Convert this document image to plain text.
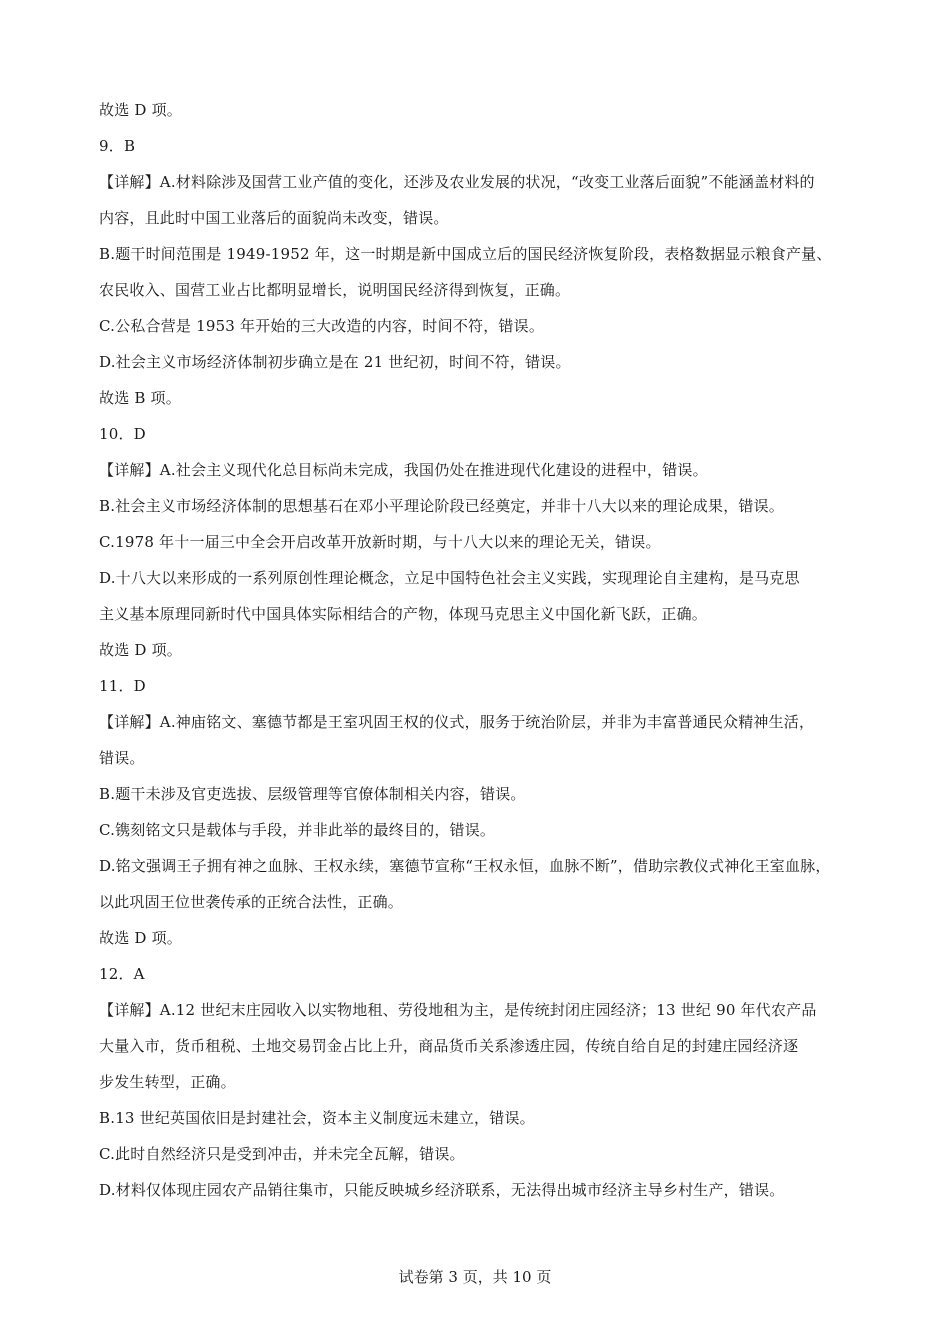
故选 D 项。
9．B
【详解】A.材料除涉及国营工业产值的变化，还涉及农业发展的状况，“改变工业落后面貌”不能涵盖材料的
内容，且此时中国工业落后的面貌尚未改变，错误。
B.题干时间范围是 1949-1952 年，这一时期是新中国成立后的国民经济恢复阶段，表格数据显示粮食产量、
农民收入、国营工业占比都明显增长，说明国民经济得到恢复，正确。
C.公私合营是 1953 年开始的三大改造的内容，时间不符，错误。
D.社会主义市场经济体制初步确立是在 21 世纪初，时间不符，错误。
故选 B 项。
10．D
【详解】A.社会主义现代化总目标尚未完成，我国仍处在推进现代化建设的进程中，错误。
B.社会主义市场经济体制的思想基石在邓小平理论阶段已经奠定，并非十八大以来的理论成果，错误。
C.1978 年十一届三中全会开启改革开放新时期，与十八大以来的理论无关，错误。
D.十八大以来形成的一系列原创性理论概念，立足中国特色社会主义实践，实现理论自主建构，是马克思
主义基本原理同新时代中国具体实际相结合的产物，体现马克思主义中国化新飞跃，正确。
故选 D 项。
11．D
【详解】A.神庙铭文、塞德节都是王室巩固王权的仪式，服务于统治阶层，并非为丰富普通民众精神生活，
错误。
B.题干未涉及官吏选拔、层级管理等官僚体制相关内容，错误。
C.镌刻铭文只是载体与手段，并非此举的最终目的，错误。
D.铭文强调王子拥有神之血脉、王权永续，塞德节宣称“王权永恒，血脉不断”，借助宗教仪式神化王室血脉，
以此巩固王位世袭传承的正统合法性，正确。
故选 D 项。
12．A
【详解】A.12 世纪末庄园收入以实物地租、劳役地租为主，是传统封闭庄园经济；13 世纪 90 年代农产品
大量入市，货币租税、土地交易罚金占比上升，商品货币关系渗透庄园，传统自给自足的封建庄园经济逐
步发生转型，正确。
B.13 世纪英国依旧是封建社会，资本主义制度远未建立，错误。
C.此时自然经济只是受到冲击，并未完全瓦解，错误。
D.材料仅体现庄园农产品销往集市，只能反映城乡经济联系，无法得出城市经济主导乡村生产，错误。
试卷第 3 页，共 10 页
